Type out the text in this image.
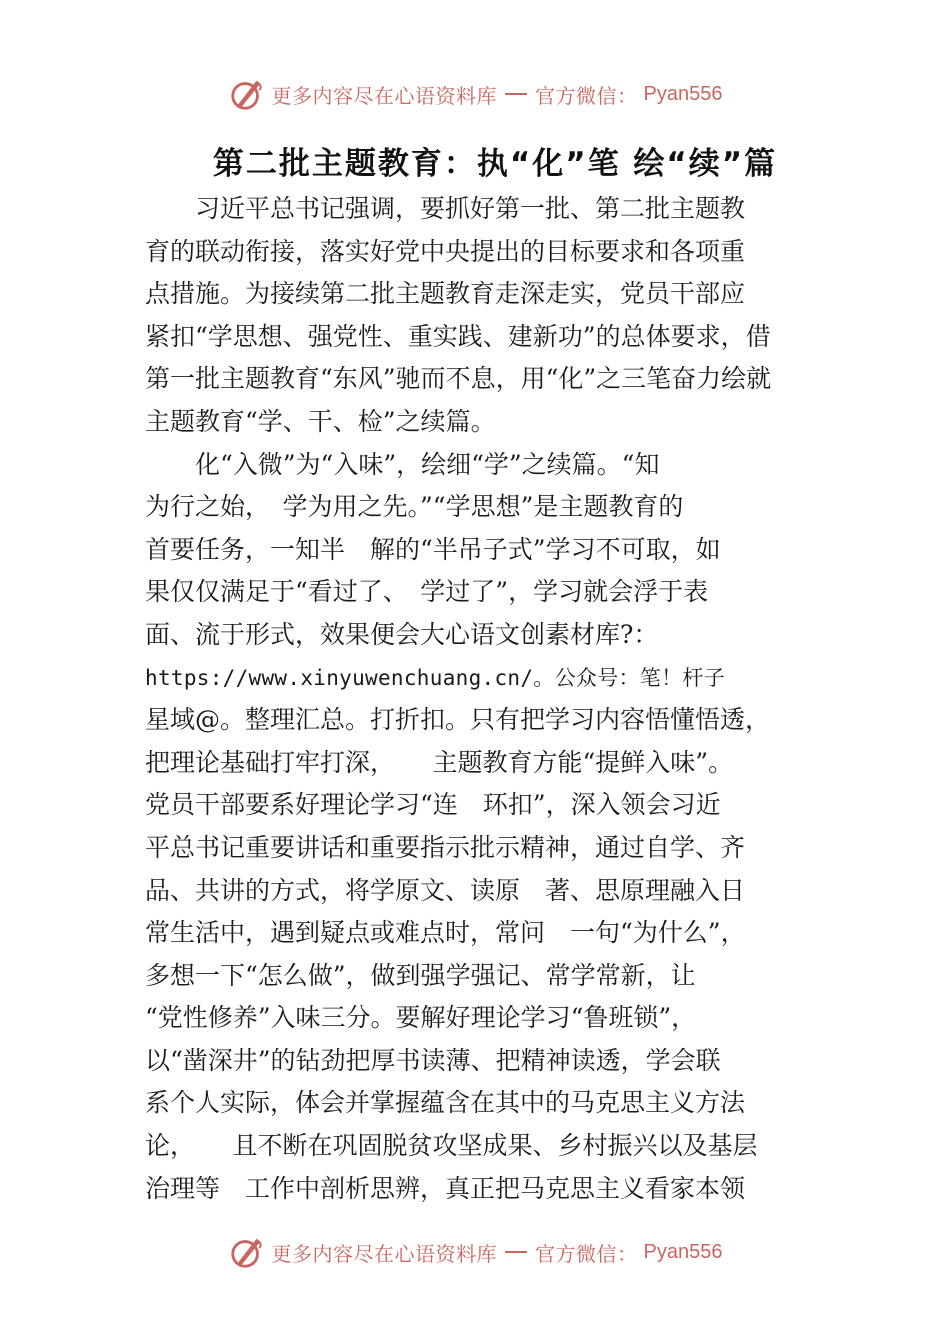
更多内容尽在心语资料库 官方微信： Pyan556
第二批主题教育：执“化”笔 绘“续”篇
　　习近平总书记强调，要抓好第一批、第二批主题教
育的联动衔接，落实好党中央提出的目标要求和各项重
点措施。为接续第二批主题教育走深走实，党员干部应
紧扣“学思想、强党性、重实践、建新功”的总体要求，借
第一批主题教育“东风”驰而不息，用“化”之三笔奋力绘就
主题教育“学、干、检”之续篇。
　　化“入微”为“入味”，绘细“学”之续篇。“知
为行之始，　学为用之先。”“学思想”是主题教育的
首要任务，一知半　解的“半吊子式”学习不可取，如
果仅仅满足于“看过了、　学过了”，学习就会浮于表
面、流于形式，效果便会大心语文创素材库?：
https://www.xinyuwenchuang.cn/。公众号：笔！杆子
星域@。整理汇总。打折扣。只有把学习内容悟懂悟透，
把理论基础打牢打深，　　主题教育方能“提鲜入味”。
党员干部要系好理论学习“连　环扣”，深入领会习近
平总书记重要讲话和重要指示批示精神，通过自学、齐
品、共讲的方式，将学原文、读原　著、思原理融入日
常生活中，遇到疑点或难点时，常问　一句“为什么”，
多想一下“怎么做”，做到强学强记、常学常新，让
“党性修养”入味三分。要解好理论学习“鲁班锁”，
以“凿深井”的钻劲把厚书读薄、把精神读透，学会联
系个人实际，体会并掌握蕴含在其中的马克思主义方法
论，　　且不断在巩固脱贫攻坚成果、乡村振兴以及基层
治理等　工作中剖析思辨，真正把马克思主义看家本领
更多内容尽在心语资料库 官方微信： Pyan556
